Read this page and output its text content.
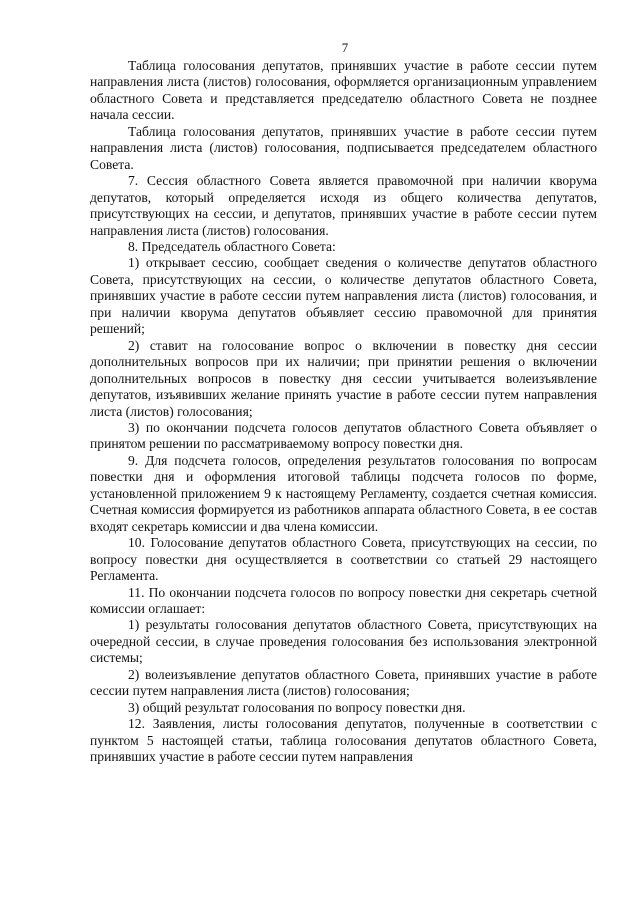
7

Таблица голосования депутатов, принявших участие в работе сессии путем направления листа (листов) голосования, оформляется организационным управлением областного Совета и представляется председателю областного Совета не позднее начала сессии.

Таблица голосования депутатов, принявших участие в работе сессии путем направления листа (листов) голосования, подписывается председателем областного Совета.

7. Сессия областного Совета является правомочной при наличии кворума депутатов, который определяется исходя из общего количества депутатов, присутствующих на сессии, и депутатов, принявших участие в работе сессии путем направления листа (листов) голосования.

8. Председатель областного Совета:

1) открывает сессию, сообщает сведения о количестве депутатов областного Совета, присутствующих на сессии, о количестве депутатов областного Совета, принявших участие в работе сессии путем направления листа (листов) голосования, и при наличии кворума депутатов объявляет сессию правомочной для принятия решений;

2) ставит на голосование вопрос о включении в повестку дня сессии дополнительных вопросов при их наличии; при принятии решения о включении дополнительных вопросов в повестку дня сессии учитывается волеизъявление депутатов, изъявивших желание принять участие в работе сессии путем направления листа (листов) голосования;

3) по окончании подсчета голосов депутатов областного Совета объявляет о принятом решении по рассматриваемому вопросу повестки дня.

9. Для подсчета голосов, определения результатов голосования по вопросам повестки дня и оформления итоговой таблицы подсчета голосов по форме, установленной приложением 9 к настоящему Регламенту, создается счетная комиссия. Счетная комиссия формируется из работников аппарата областного Совета, в ее состав входят секретарь комиссии и два члена комиссии.

10. Голосование депутатов областного Совета, присутствующих на сессии, по вопросу повестки дня осуществляется в соответствии со статьей 29 настоящего Регламента.

11. По окончании подсчета голосов по вопросу повестки дня секретарь счетной комиссии оглашает:

1) результаты голосования депутатов областного Совета, присутствующих на очередной сессии, в случае проведения голосования без использования электронной системы;

2) волеизъявление депутатов областного Совета, принявших участие в работе сессии путем направления листа (листов) голосования;

3) общий результат голосования по вопросу повестки дня.

12. Заявления, листы голосования депутатов, полученные в соответствии с пунктом 5 настоящей статьи, таблица голосования депутатов областного Совета, принявших участие в работе сессии путем направления
